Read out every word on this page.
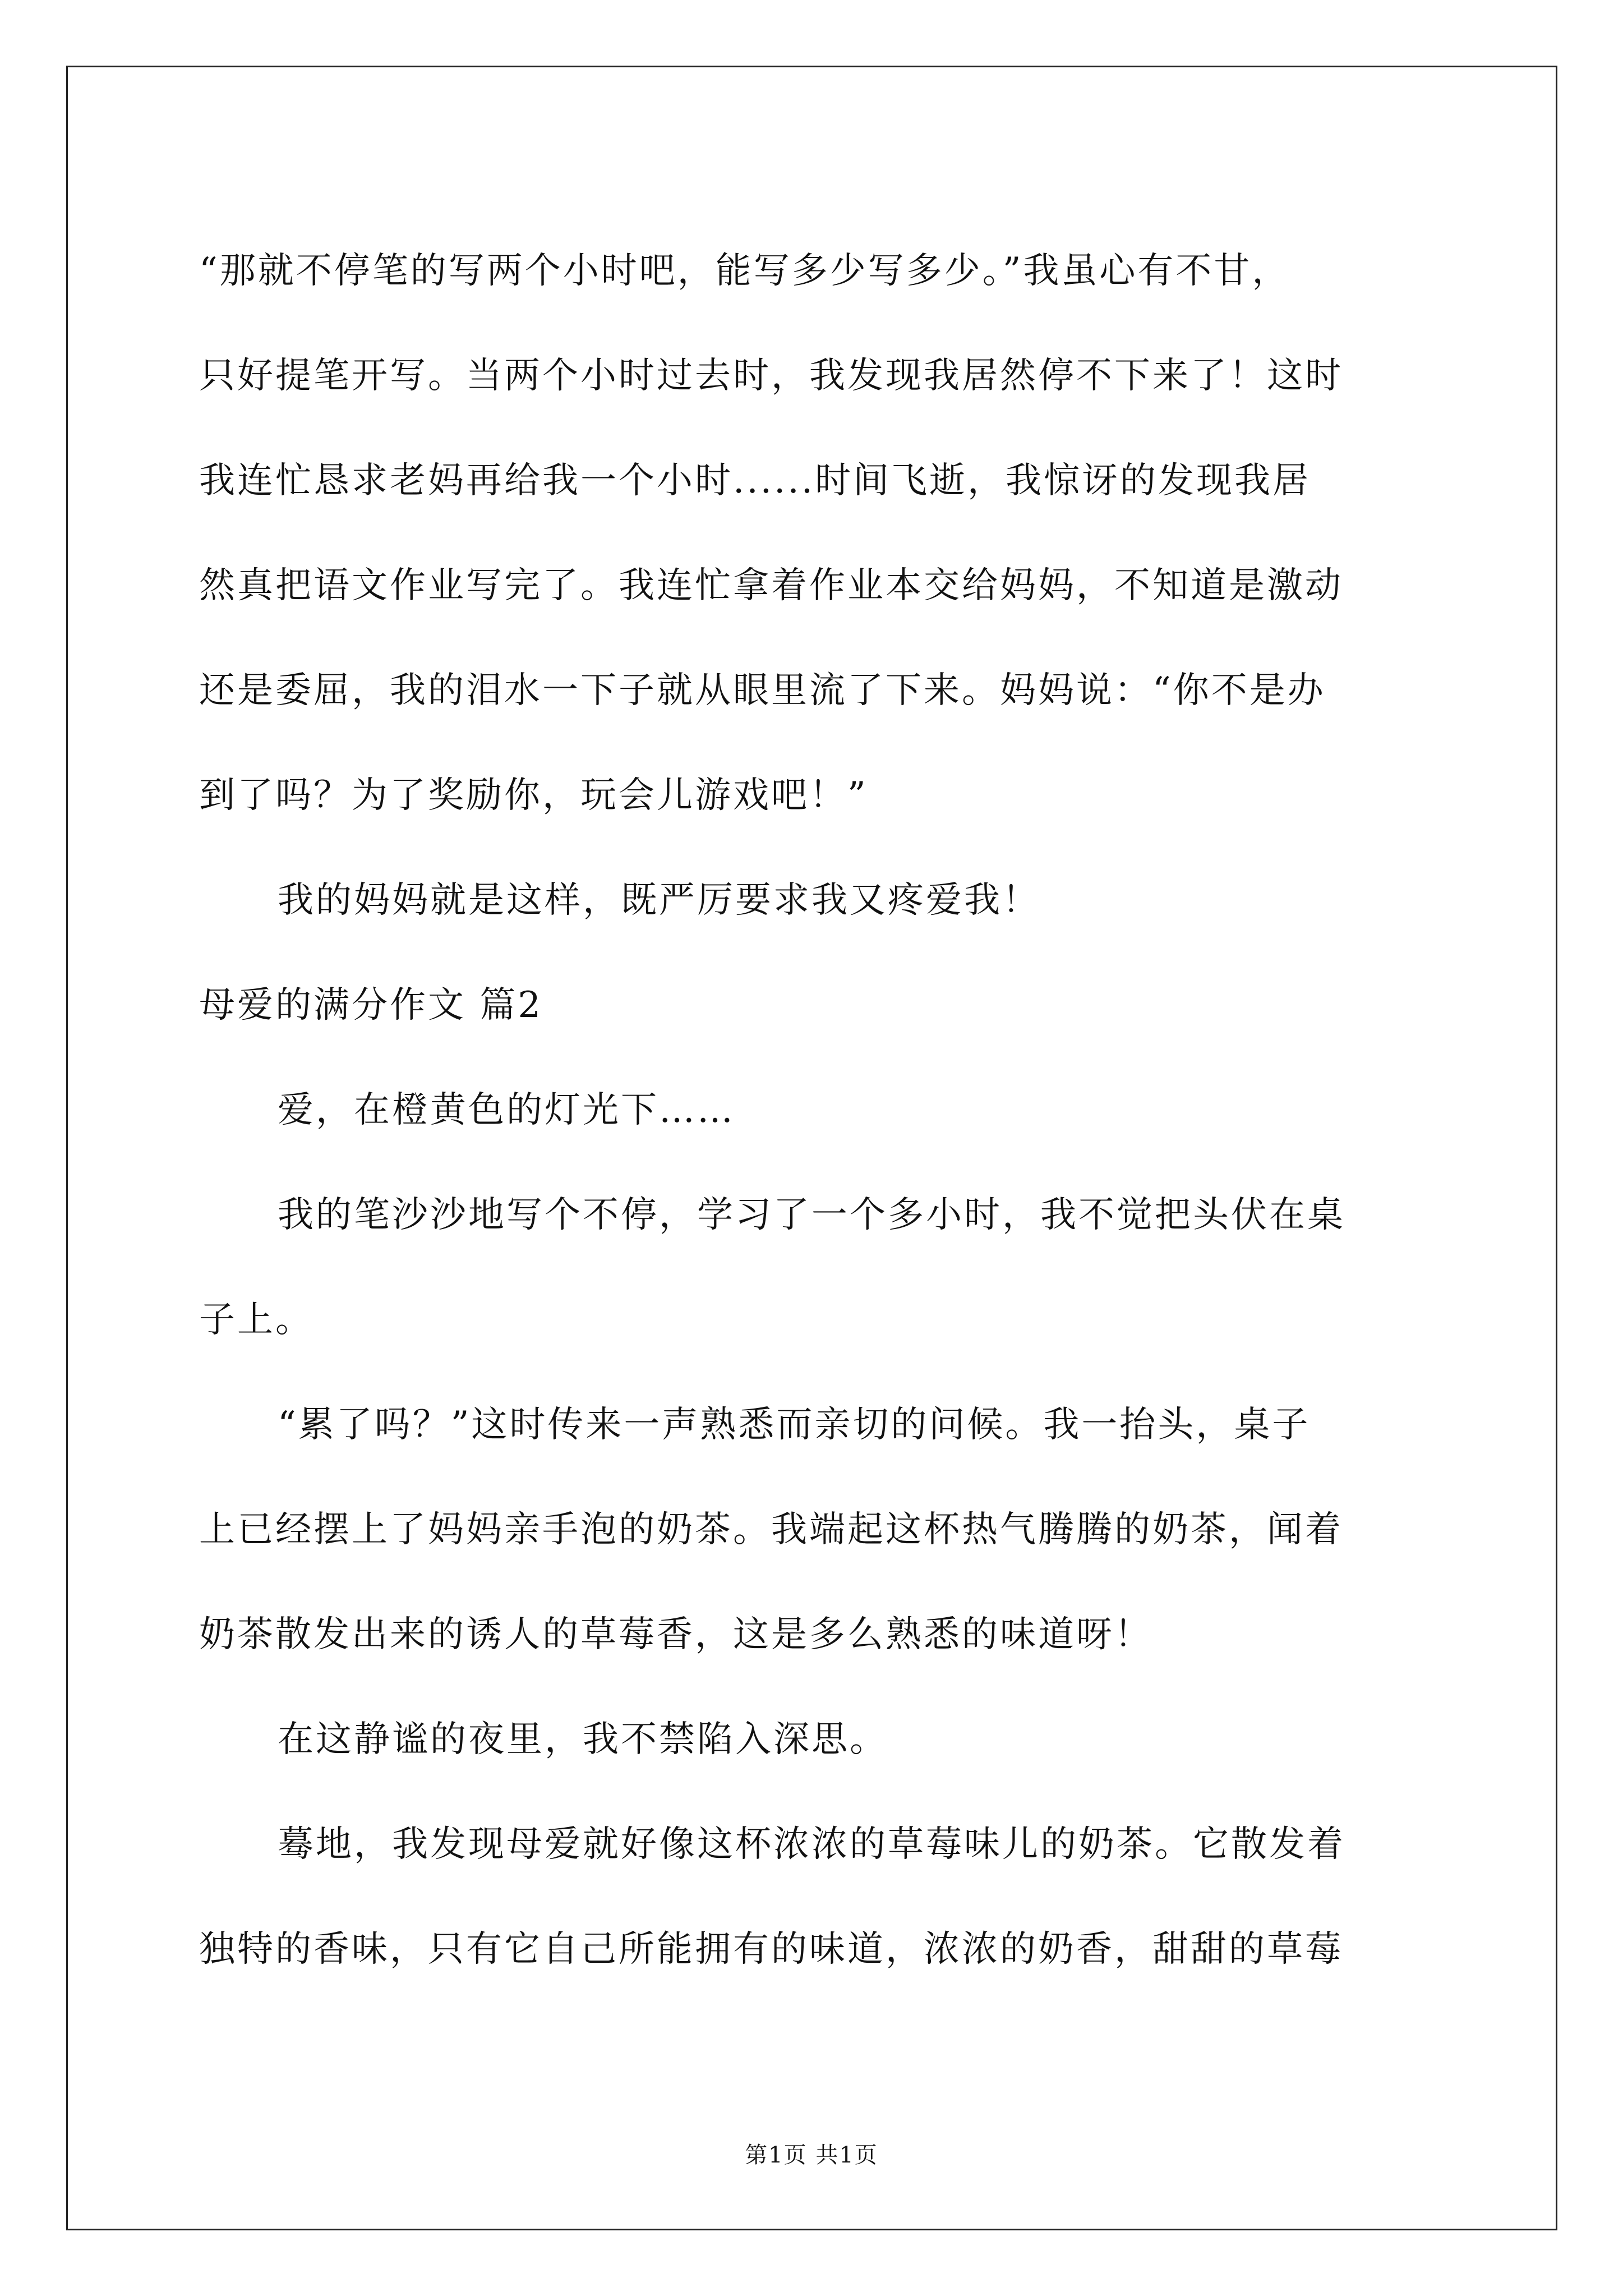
“那就不停笔的写两个小时吧，能写多少写多少。”我虽心有不甘，
只好提笔开写。当两个小时过去时，我发现我居然停不下来了！这时
我连忙恳求老妈再给我一个小时......时间飞逝，我惊讶的发现我居
然真把语文作业写完了。我连忙拿着作业本交给妈妈，不知道是激动
还是委屈，我的泪水一下子就从眼里流了下来。妈妈说：“你不是办
到了吗？为了奖励你，玩会儿游戏吧！”
我的妈妈就是这样，既严厉要求我又疼爱我！
母爱的满分作文 篇2
爱，在橙黄色的灯光下……
我的笔沙沙地写个不停，学习了一个多小时，我不觉把头伏在桌
子上。
“累了吗？”这时传来一声熟悉而亲切的问候。我一抬头，桌子
上已经摆上了妈妈亲手泡的奶茶。我端起这杯热气腾腾的奶茶，闻着
奶茶散发出来的诱人的草莓香，这是多么熟悉的味道呀！
在这静谧的夜里，我不禁陷入深思。
蓦地，我发现母爱就好像这杯浓浓的草莓味儿的奶茶。它散发着
独特的香味，只有它自己所能拥有的味道，浓浓的奶香，甜甜的草莓
第1页 共1页
